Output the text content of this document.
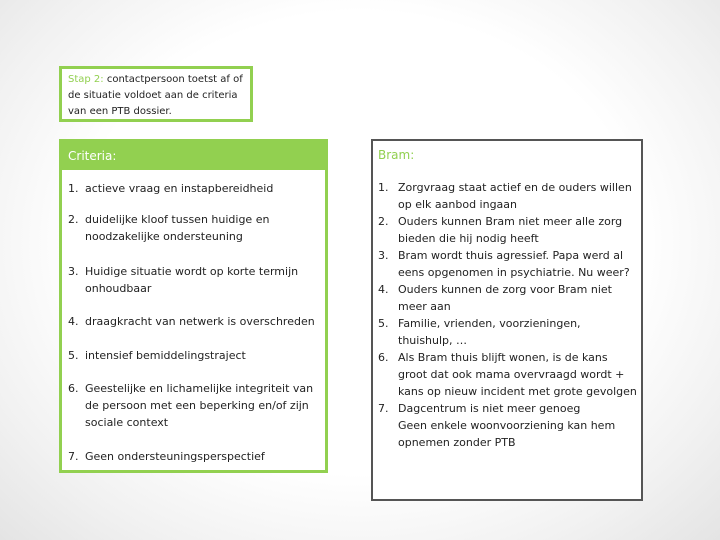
Stap 2: contactpersoon toetst af of de situatie voldoet aan de criteria van een PTB dossier.
Criteria:
1. actieve vraag en instapbereidheid
2. duidelijke kloof tussen huidige en noodzakelijke ondersteuning
3. Huidige situatie wordt op korte termijn onhoudbaar
4. draagkracht van netwerk is overschreden
5. intensief bemiddelingstraject
6. Geestelijke en lichamelijke integriteit van de persoon met een beperking en/of zijn sociale context
7. Geen ondersteuningsperspectief
Bram:
1. Zorgvraag staat actief en de ouders willen op elk aanbod ingaan
2. Ouders kunnen Bram niet meer alle zorg bieden die hij nodig heeft
3. Bram wordt thuis agressief. Papa werd al eens opgenomen in psychiatrie. Nu weer?
4. Ouders kunnen de zorg voor Bram niet meer aan
5. Familie, vrienden, voorzieningen, thuishulp, …
6. Als Bram thuis blijft wonen, is de kans groot dat ook mama overvraagd wordt + kans op nieuw incident met grote gevolgen
7. Dagcentrum is niet meer genoeg
Geen enkele woonvoorziening kan hem opnemen zonder PTB
